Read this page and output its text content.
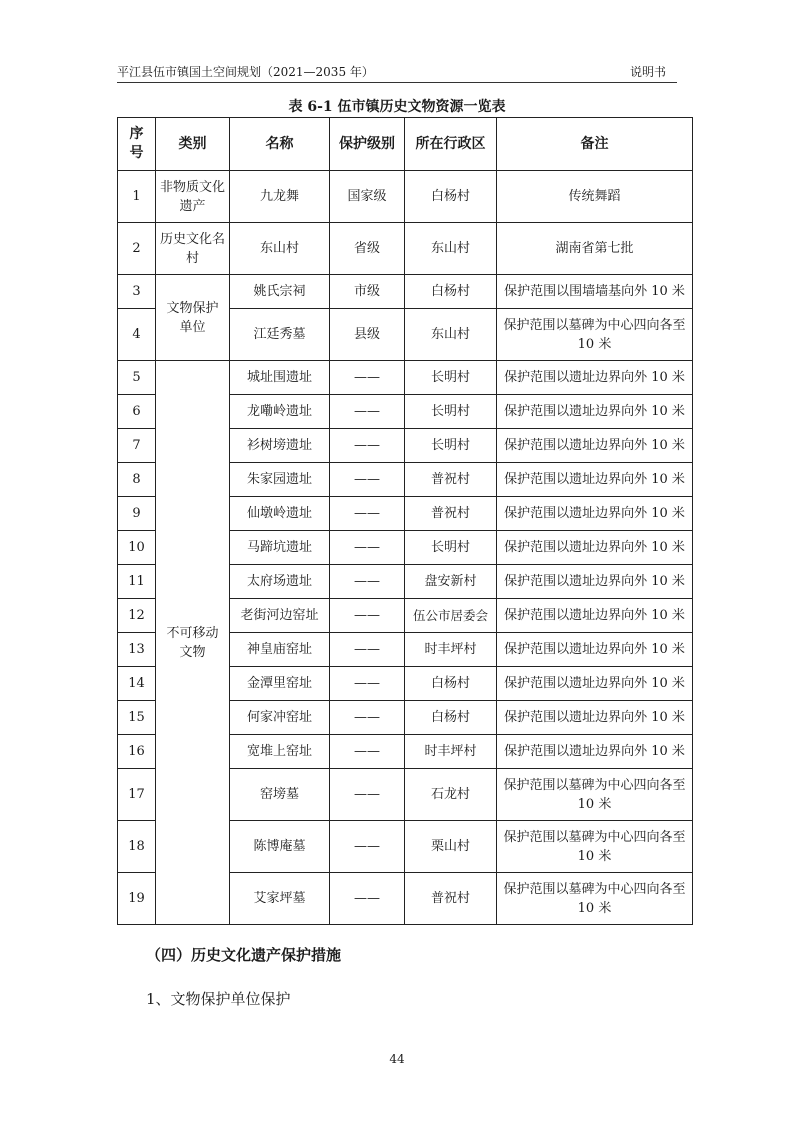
平江县伍市镇国土空间规划（2021—2035 年）	说明书
表 6-1 伍市镇历史文物资源一览表
序号	类别	名称	保护级别	所在行政区	备注
1	非物质文化遗产	九龙舞	国家级	白杨村	传统舞蹈
2	历史文化名村	东山村	省级	东山村	湖南省第七批
3	文物保护单位	姚氏宗祠	市级	白杨村	保护范围以围墙墙基向外 10 米
4		江廷秀墓	县级	东山村	保护范围以墓碑为中心四向各至 10 米
5	不可移动文物	城址围遗址	——	长明村	保护范围以遗址边界向外 10 米
6		龙嘞岭遗址	——	长明村	保护范围以遗址边界向外 10 米
7		衫树塝遗址	——	长明村	保护范围以遗址边界向外 10 米
8		朱家园遗址	——	普祝村	保护范围以遗址边界向外 10 米
9		仙墩岭遗址	——	普祝村	保护范围以遗址边界向外 10 米
10		马蹄坑遗址	——	长明村	保护范围以遗址边界向外 10 米
11		太府场遗址	——	盘安新村	保护范围以遗址边界向外 10 米
12		老街河边窑址	——	伍公市居委会	保护范围以遗址边界向外 10 米
13		神皇庙窑址	——	时丰坪村	保护范围以遗址边界向外 10 米
14		金潭里窑址	——	白杨村	保护范围以遗址边界向外 10 米
15		何家冲窑址	——	白杨村	保护范围以遗址边界向外 10 米
16		宽堆上窑址	——	时丰坪村	保护范围以遗址边界向外 10 米
17		窑塝墓	——	石龙村	保护范围以墓碑为中心四向各至 10 米
18		陈博庵墓	——	栗山村	保护范围以墓碑为中心四向各至 10 米
19		艾家坪墓	——	普祝村	保护范围以墓碑为中心四向各至 10 米
（四）历史文化遗产保护措施
1、文物保护单位保护
44
